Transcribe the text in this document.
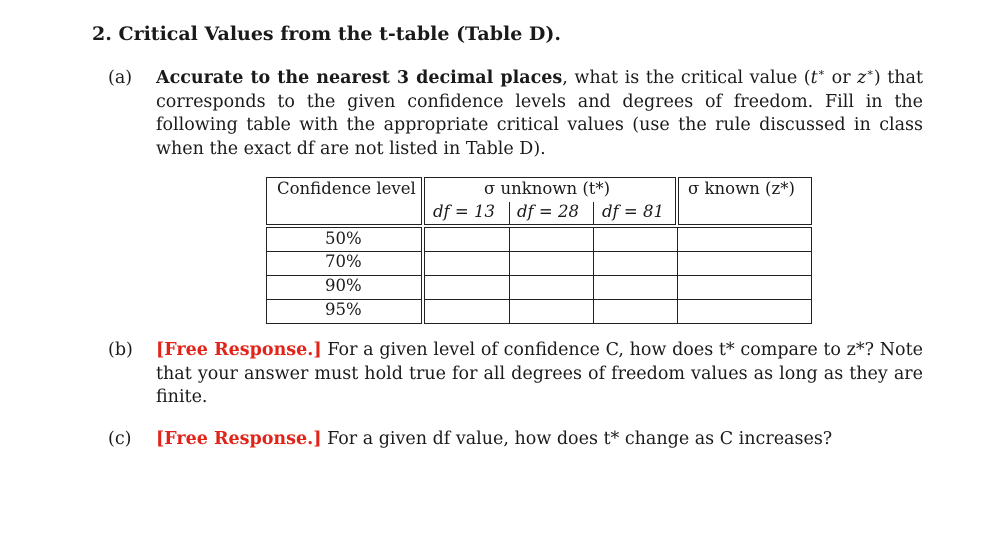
2. Critical Values from the t-table (Table D).
(a) Accurate to the nearest 3 decimal places, what is the critical value (t∗ or z∗) that corresponds to the given confidence levels and degrees of freedom. Fill in the following table with the appropriate critical values (use the rule discussed in class when the exact df are not listed in Table D).
Confidence level	σ unknown (t*)
df = 13 df = 28 df = 81
σ known (z*)
50%
70%
90%
95%
(b) [Free Response.] For a given level of confidence C, how does t* compare to z*? Note that your answer must hold true for all degrees of freedom values as long as they are finite.
(c) [Free Response.] For a given df value, how does t* change as C increases?
